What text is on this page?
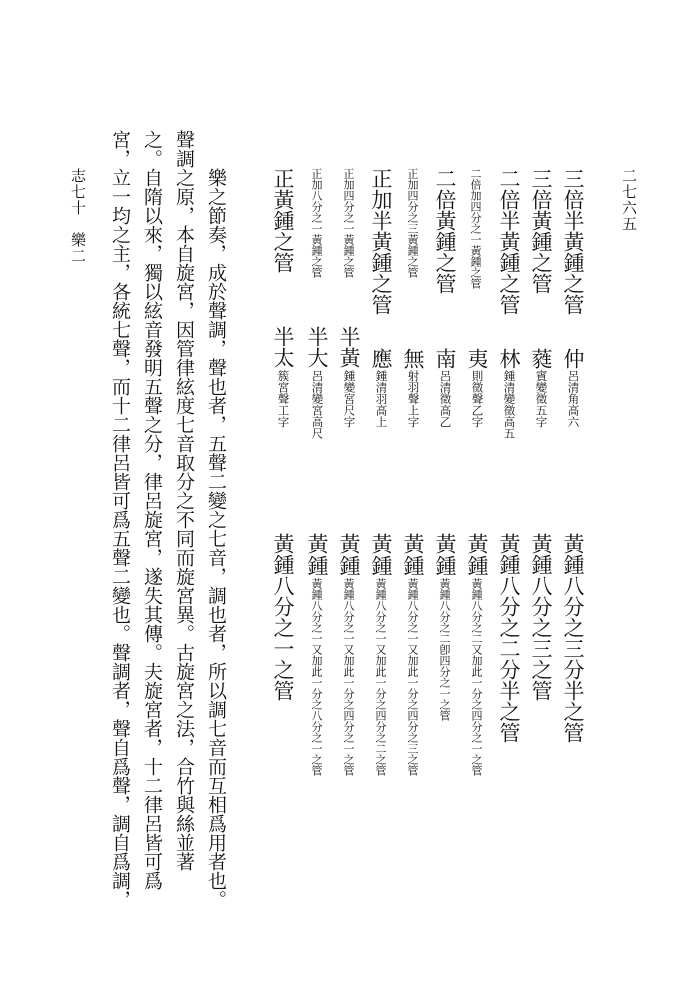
二七六五
三倍半黃鍾之管
仲
呂清角高六
黃鍾八分之三分半之管
三倍黃鍾之管
蕤
賓變徵五字
黃鍾八分之三之管
二倍半黃鍾之管
林
鍾清變徵高五
黃鍾八分之二分半之管
二倍加四分之一黃鍾之管
夷
則徵聲乙字
黃
鍾
黃鍾八分之二又加此一分之四分之一之管
二倍黃鍾之管
南
呂清徵高乙
黃
鍾
黃鍾八分之二卽四分之一之管
正加四分之三黃鍾之管
無
射羽聲上字
黃
鍾
黃鍾八分之一又加此一分之四分之三之管
正加半黃鍾之管
應
鍾清羽高上
黃
鍾
黃鍾八分之一又加此一分之四分之二之管
正加四分之一黃鍾之管
半黃
鍾變宮尺字
黃
鍾
黃鍾八分之一又加此一分之四分之一之管
正加八分之一黃鍾之管
半大
呂清變宮高尺
黃
鍾
黃鍾八分之一又加此一分之八分之一之管
正黃鍾之管
半太
簇宮聲工字
黃鍾八分之一之管
樂之節奏，成於聲調，聲也者，五聲二變之七音，調也者，所以調七音而互相爲用者也。
聲調之原，本自旋宮，因管律絃度七音取分之不同而旋宮異。古旋宮之法，合竹與絲並著
之。自隋以來，獨以絃音發明五聲之分，律呂旋宮，遂失其傳。夫旋宮者，十二律呂皆可爲
宮，立一均之主，各統七聲，而十二律呂皆可爲五聲二變也。聲調者，聲自爲聲，調自爲調，
志七十　樂二
